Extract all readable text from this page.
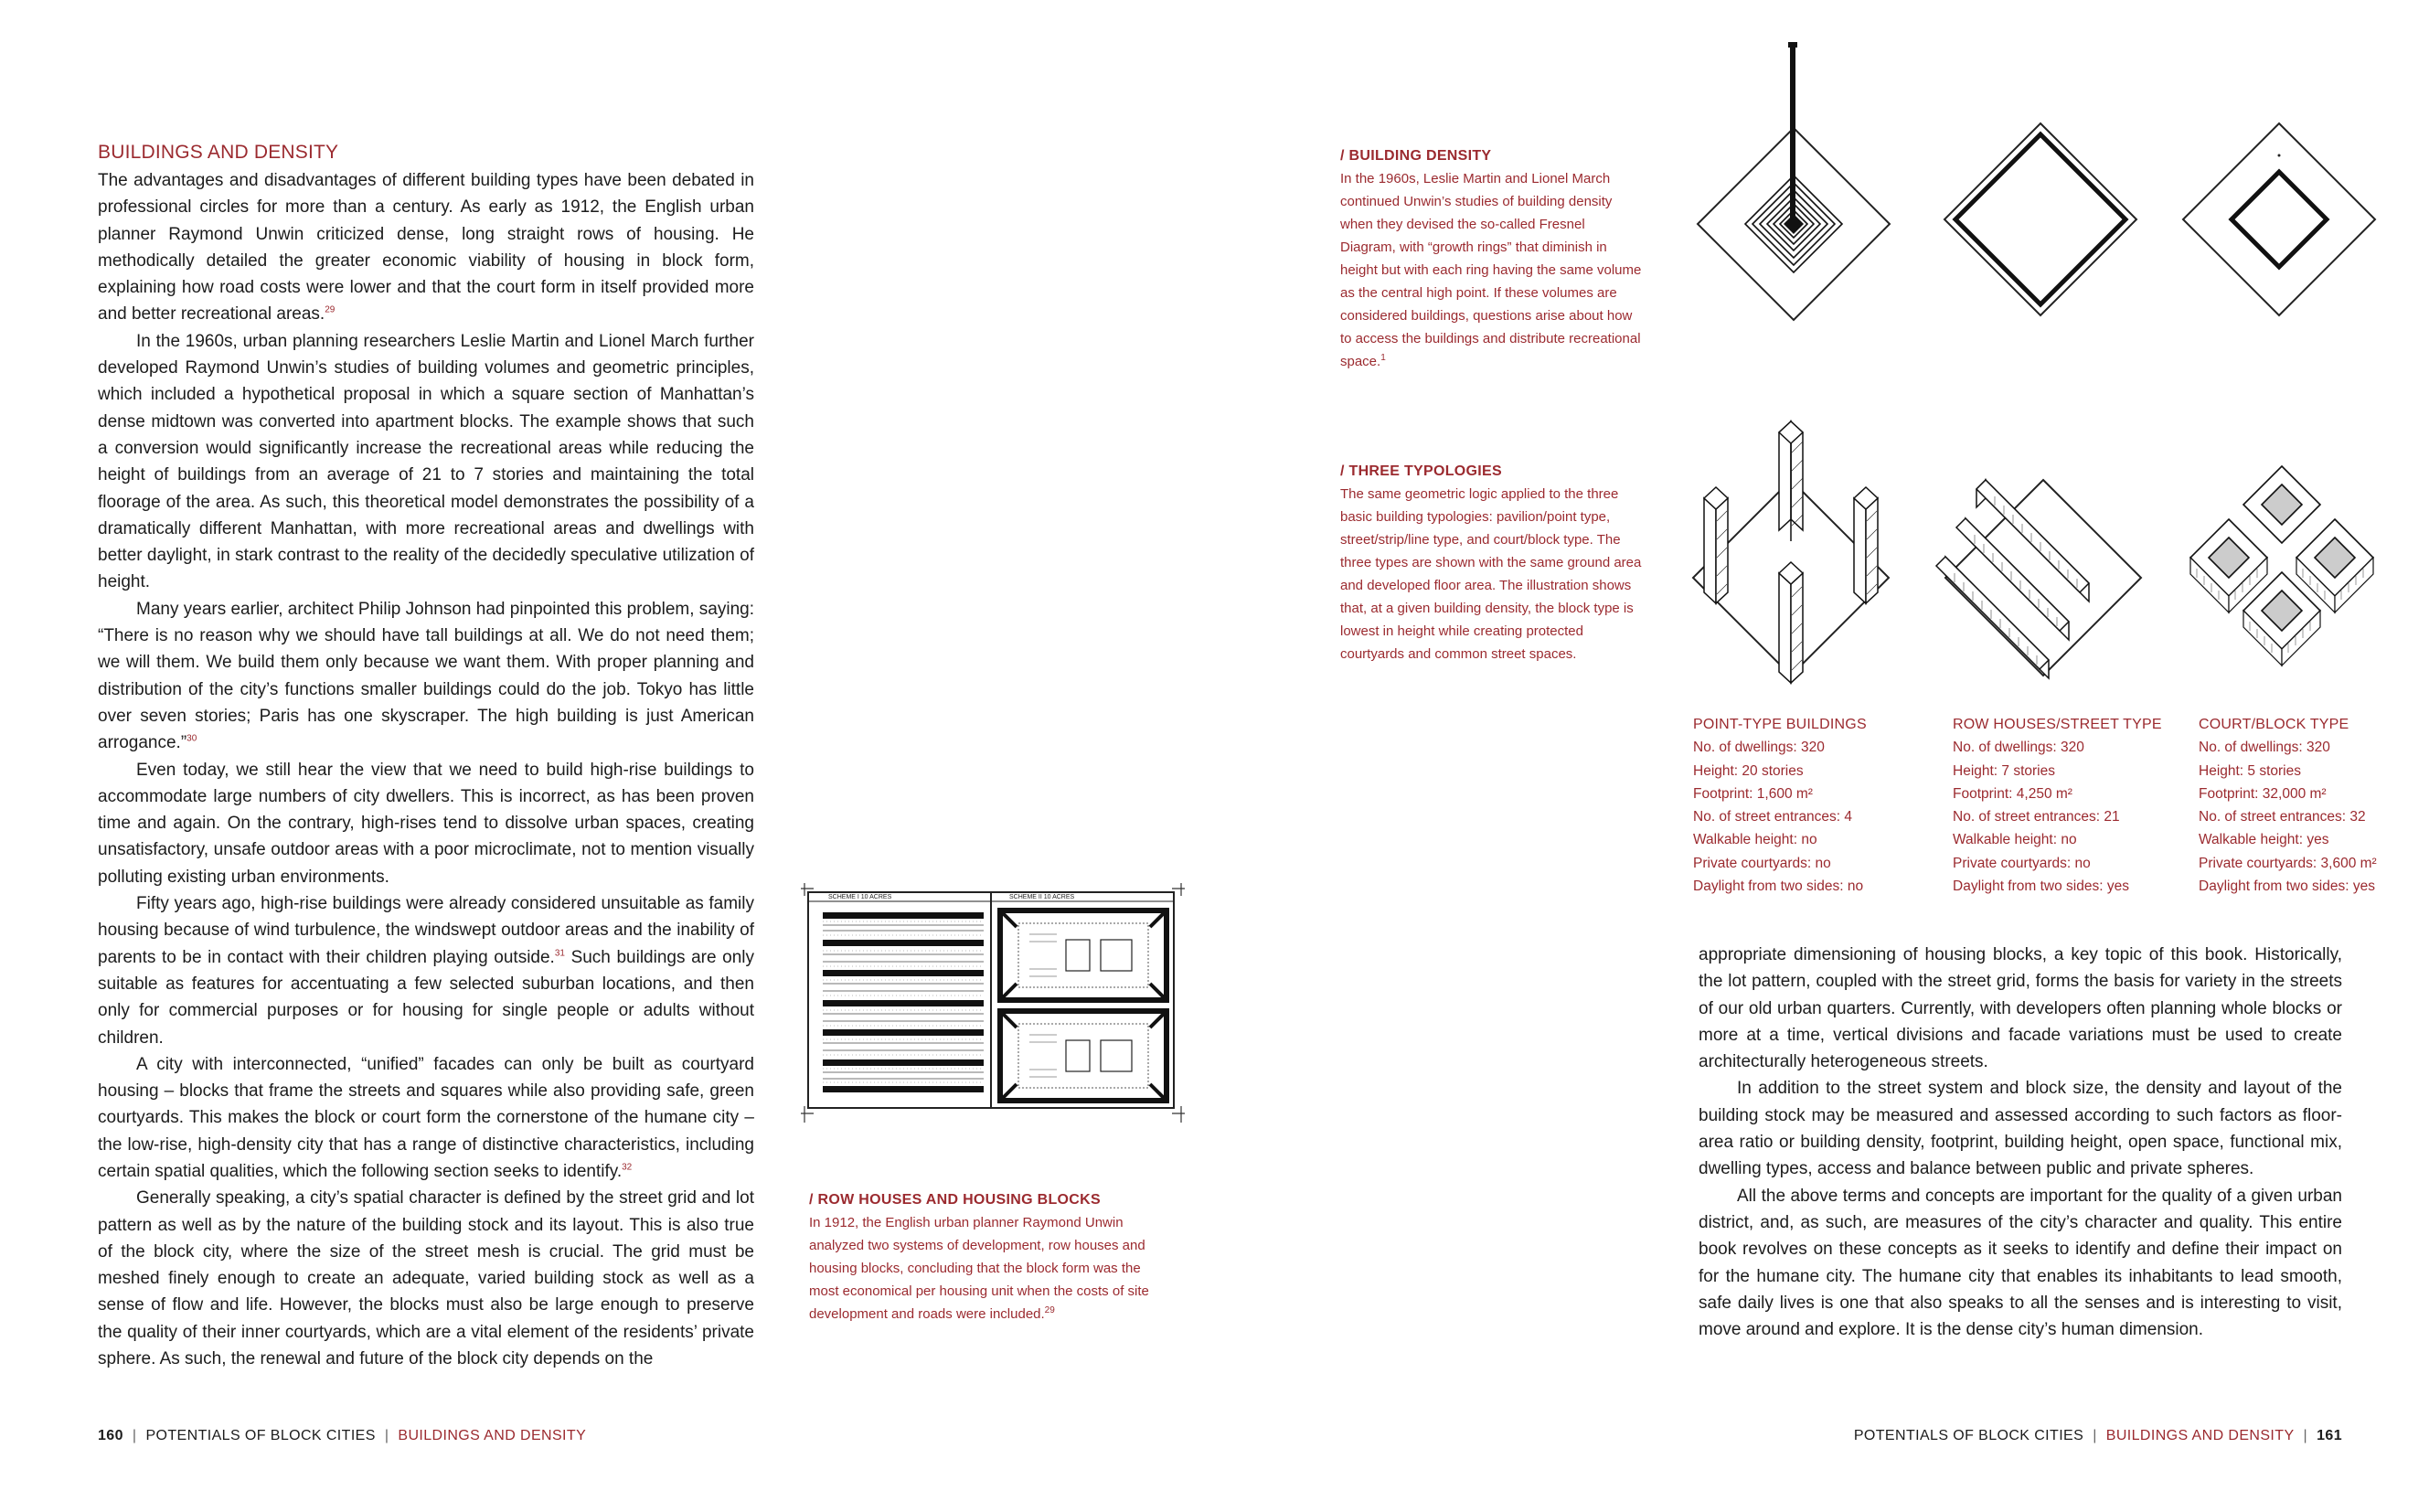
BUILDINGS AND DENSITY

The advantages and disadvantages of different building types have been debated in professional circles for more than a century. As early as 1912, the English urban planner Raymond Unwin criticized dense, long straight rows of housing. He methodically detailed the greater economic viability of housing in block form, explaining how road costs were lower and that the court form in itself provided more and better recreational areas.$^{29}$

In the 1960s, urban planning researchers Leslie Martin and Lionel March further developed Raymond Unwin’s studies of building volumes and geometric principles, which included a hypothetical proposal in which a square section of Manhattan’s dense midtown was converted into apartment blocks. The example shows that such a conversion would significantly increase the recreational areas while reducing the height of buildings from an average of 21 to 7 stories and maintaining the total floorage of the area. As such, this theoretical model demonstrates the possibility of a dramatically different Manhattan, with more recreational areas and dwellings with better daylight, in stark contrast to the reality of the decidedly speculative utilization of height.

Many years earlier, architect Philip Johnson had pinpointed this problem, saying: “There is no reason why we should have tall buildings at all. We do not need them; we will them. We build them only because we want them. With proper planning and distribution of the city’s functions smaller buildings could do the job. Tokyo has little over seven stories; Paris has one skyscraper. The high building is just American arrogance.”$^{30}$

Even today, we still hear the view that we need to build high-rise buildings to accommodate large numbers of city dwellers. This is incorrect, as has been proven time and again. On the contrary, high-rises tend to dissolve urban spaces, creating unsatisfactory, unsafe outdoor areas with a poor microclimate, not to mention visually polluting existing urban environments.

Fifty years ago, high-rise buildings were already considered unsuitable as family housing because of wind turbulence, the windswept outdoor areas and the inability of parents to be in contact with their children playing outside.$^{31}$ Such buildings are only suitable as features for accentuating a few selected suburban locations, and then only for commercial purposes or for housing for single people or adults without children.

A city with interconnected, “unified” facades can only be built as courtyard housing – blocks that frame the streets and squares while also providing safe, green courtyards. This makes the block or court form the cornerstone of the humane city – the low-rise, high-density city that has a range of distinctive characteristics, including certain spatial qualities, which the following section seeks to identify.$^{32}$

Generally speaking, a city’s spatial character is defined by the street grid and lot pattern as well as by the nature of the building stock and its layout. This is also true of the block city, where the size of the street mesh is crucial. The grid must be meshed finely enough to create an adequate, varied building stock as well as a sense of flow and life. However, the blocks must also be large enough to preserve the quality of their inner courtyards, which are a vital element of the residents’ private sphere. As such, the renewal and future of the block city depends on the

SCHEME I 10 ACRES	SCHEME II 10 ACRES
/ ROW HOUSES AND HOUSING BLOCKS
In 1912, the English urban planner Raymond Unwin analyzed two systems of development, row houses and housing blocks, concluding that the block form was the most economical per housing unit when the costs of site development and roads were included.$^{29}$
/ BUILDING DENSITY
In the 1960s, Leslie Martin and Lionel March continued Unwin’s studies of building density when they devised the so-called Fresnel Diagram, with “growth rings” that diminish in height but with each ring having the same volume as the central high point. If these volumes are considered buildings, questions arise about how to access the buildings and distribute recreational space.$^1$
/ THREE TYPOLOGIES
The same geometric logic applied to the three basic building typologies: pavilion/point type, street/strip/line type, and court/block type. The three types are shown with the same ground area and developed floor area. The illustration shows that, at a given building density, the block type is lowest in height while creating protected courtyards and common street spaces.
POINT-TYPE BUILDINGS
No. of dwellings: 320
Height: 20 stories
Footprint: 1,600 m²
No. of street entrances: 4
Walkable height: no
Private courtyards: no
Daylight from two sides: no
ROW HOUSES/STREET TYPE
No. of dwellings: 320
Height: 7 stories
Footprint: 4,250 m²
No. of street entrances: 21
Walkable height: no
Private courtyards: no
Daylight from two sides: yes
COURT/BLOCK TYPE
No. of dwellings: 320
Height: 5 stories
Footprint: 32,000 m²
No. of street entrances: 32
Walkable height: yes
Private courtyards: 3,600 m²
Daylight from two sides: yes

appropriate dimensioning of housing blocks, a key topic of this book. Historically, the lot pattern, coupled with the street grid, forms the basis for variety in the streets of our old urban quarters. Currently, with developers often planning whole blocks or more at a time, vertical divisions and facade variations must be used to create architecturally heterogeneous streets.

In addition to the street system and block size, the density and layout of the building stock may be measured and assessed according to such factors as floor-area ratio or building density, footprint, building height, open space, functional mix, dwelling types, access and balance between public and private spheres.

All the above terms and concepts are important for the quality of a given urban district, and, as such, are measures of the city’s character and quality. This entire book revolves on these concepts as it seeks to identify and define their impact on for the humane city. The humane city that enables its inhabitants to lead smooth, safe daily lives is one that also speaks to all the senses and is interesting to visit, move around and explore. It is the dense city’s human dimension.

160 | POTENTIALS OF BLOCK CITIES | BUILDINGS AND DENSITY	POTENTIALS OF BLOCK CITIES | BUILDINGS AND DENSITY | 161
